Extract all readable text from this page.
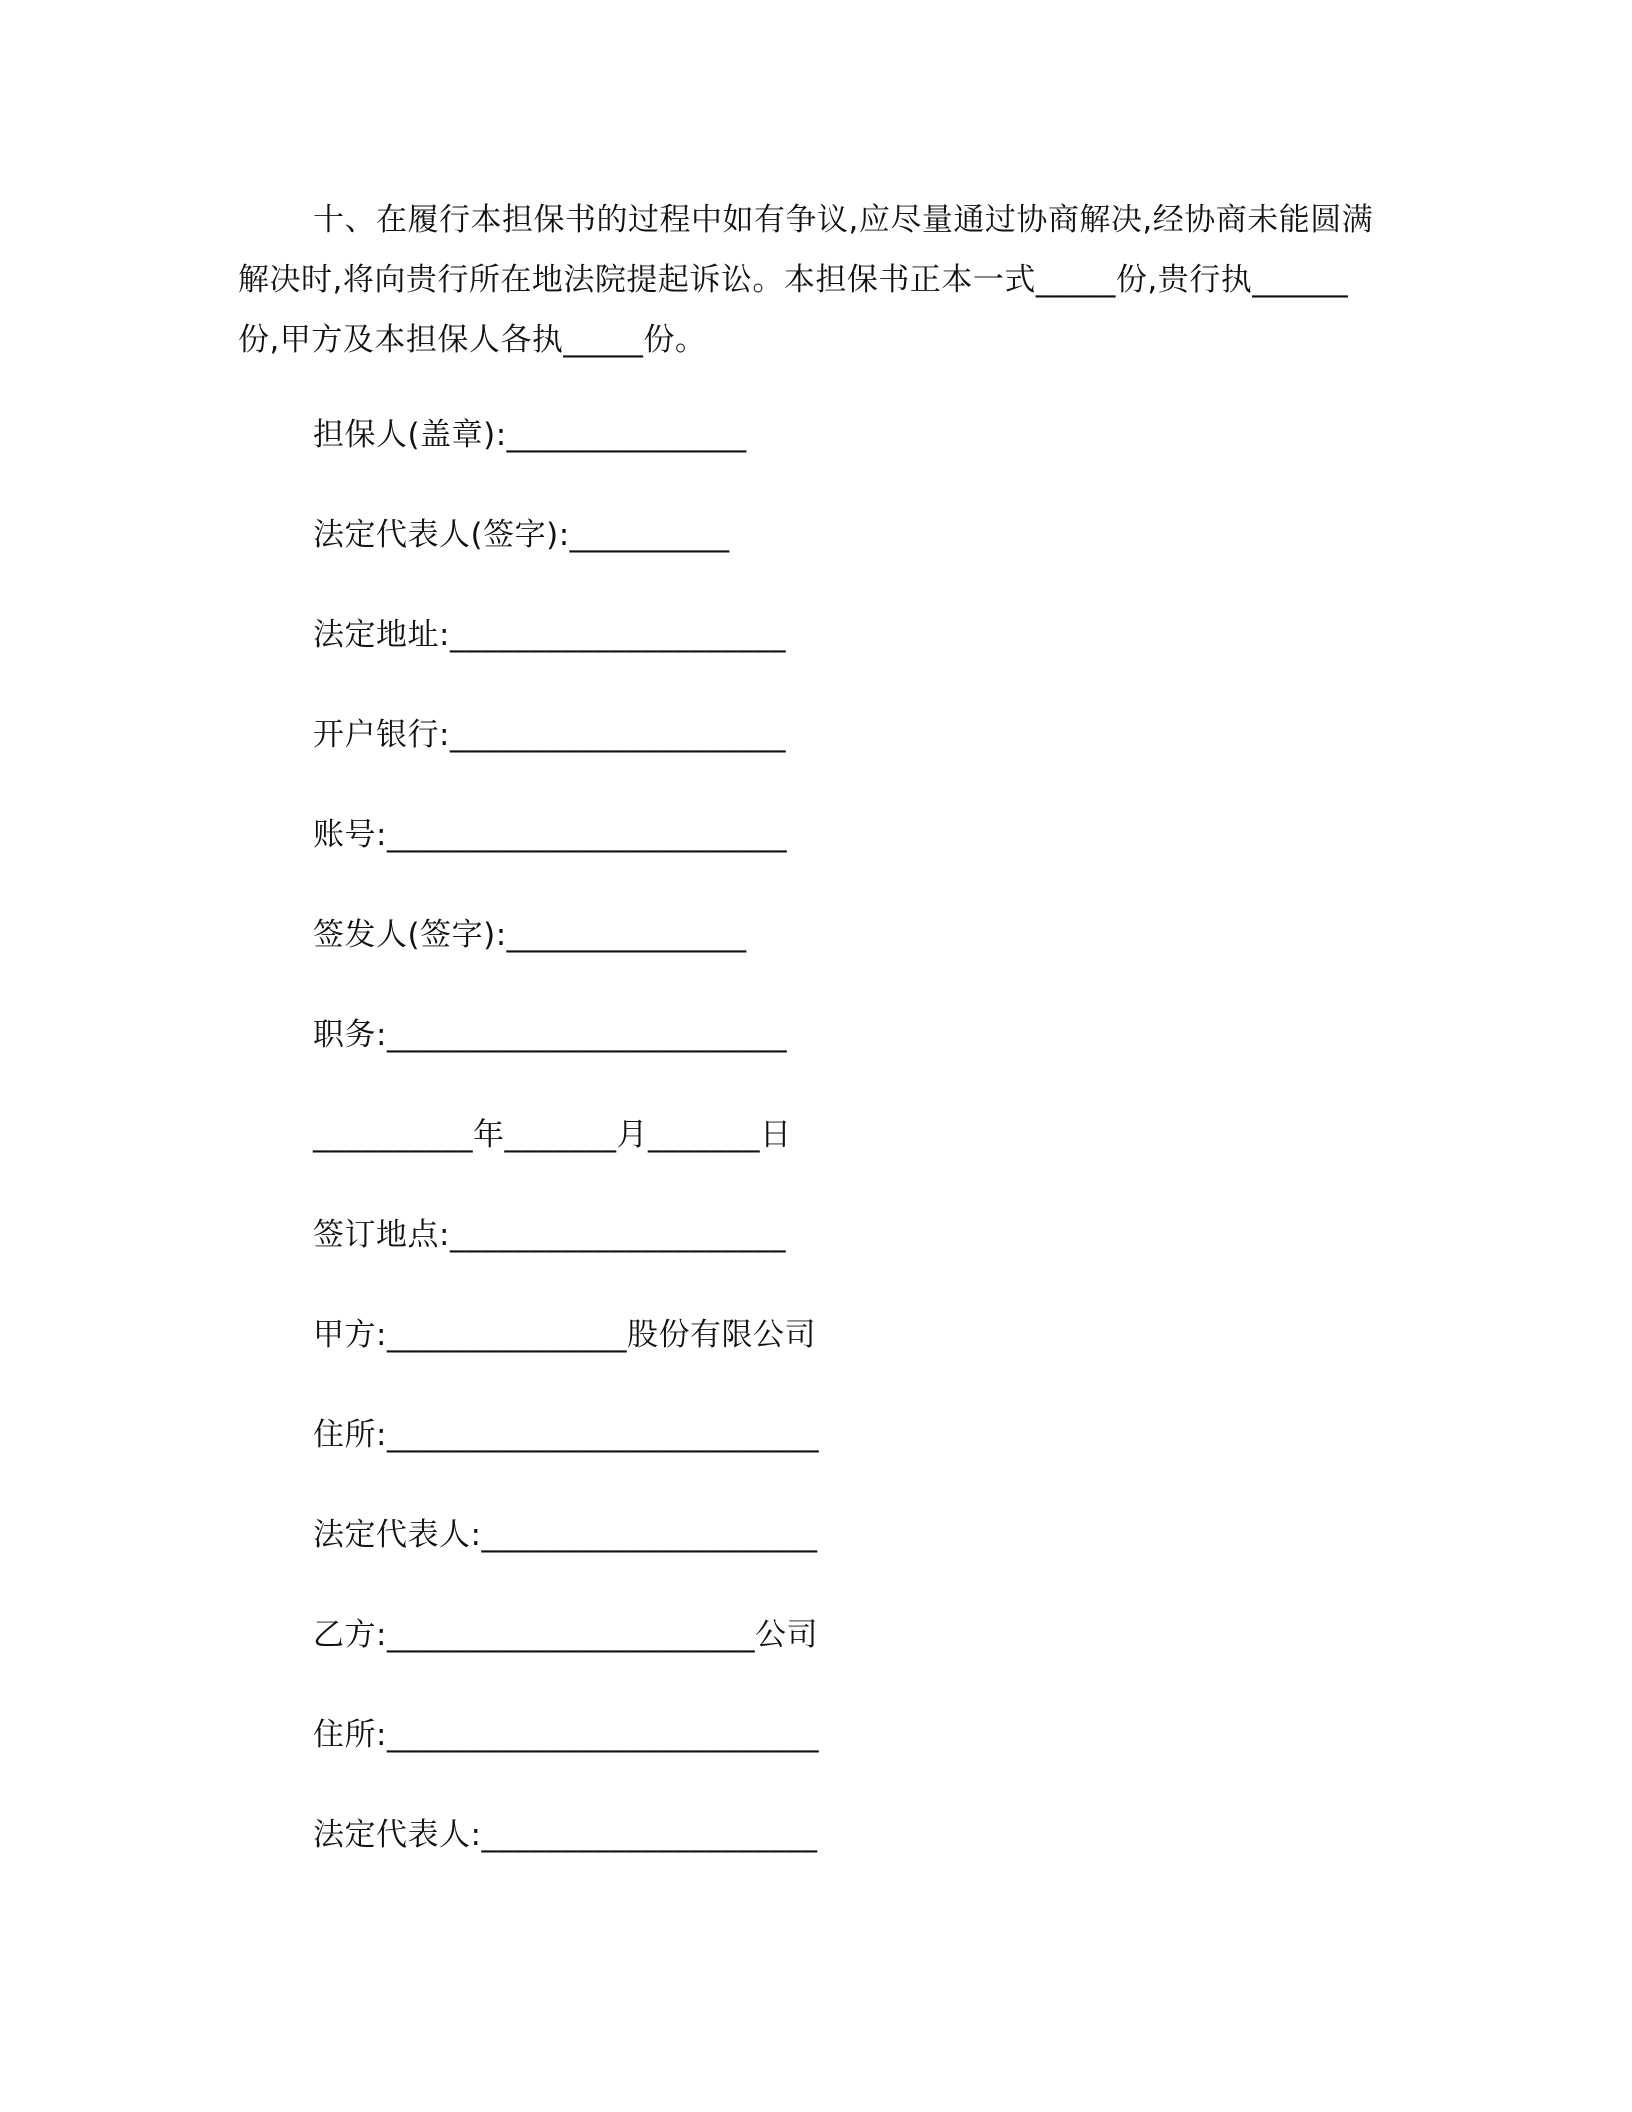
十、在履行本担保书的过程中如有争议,应尽量通过协商解决,经协商未能圆满
解决时,将向贵行所在地法院提起诉讼。本担保书正本一式_____份,贵行执______
份,甲方及本担保人各执_____份。
担保人(盖章):_______________
法定代表人(签字):__________
法定地址:_____________________
开户银行:_____________________
账号:_________________________
签发人(签字):_______________
职务:_________________________
__________年_______月_______日
签订地点:_____________________
甲方:_______________股份有限公司
住所:___________________________
法定代表人:_____________________
乙方:_______________________公司
住所:___________________________
法定代表人:_____________________
